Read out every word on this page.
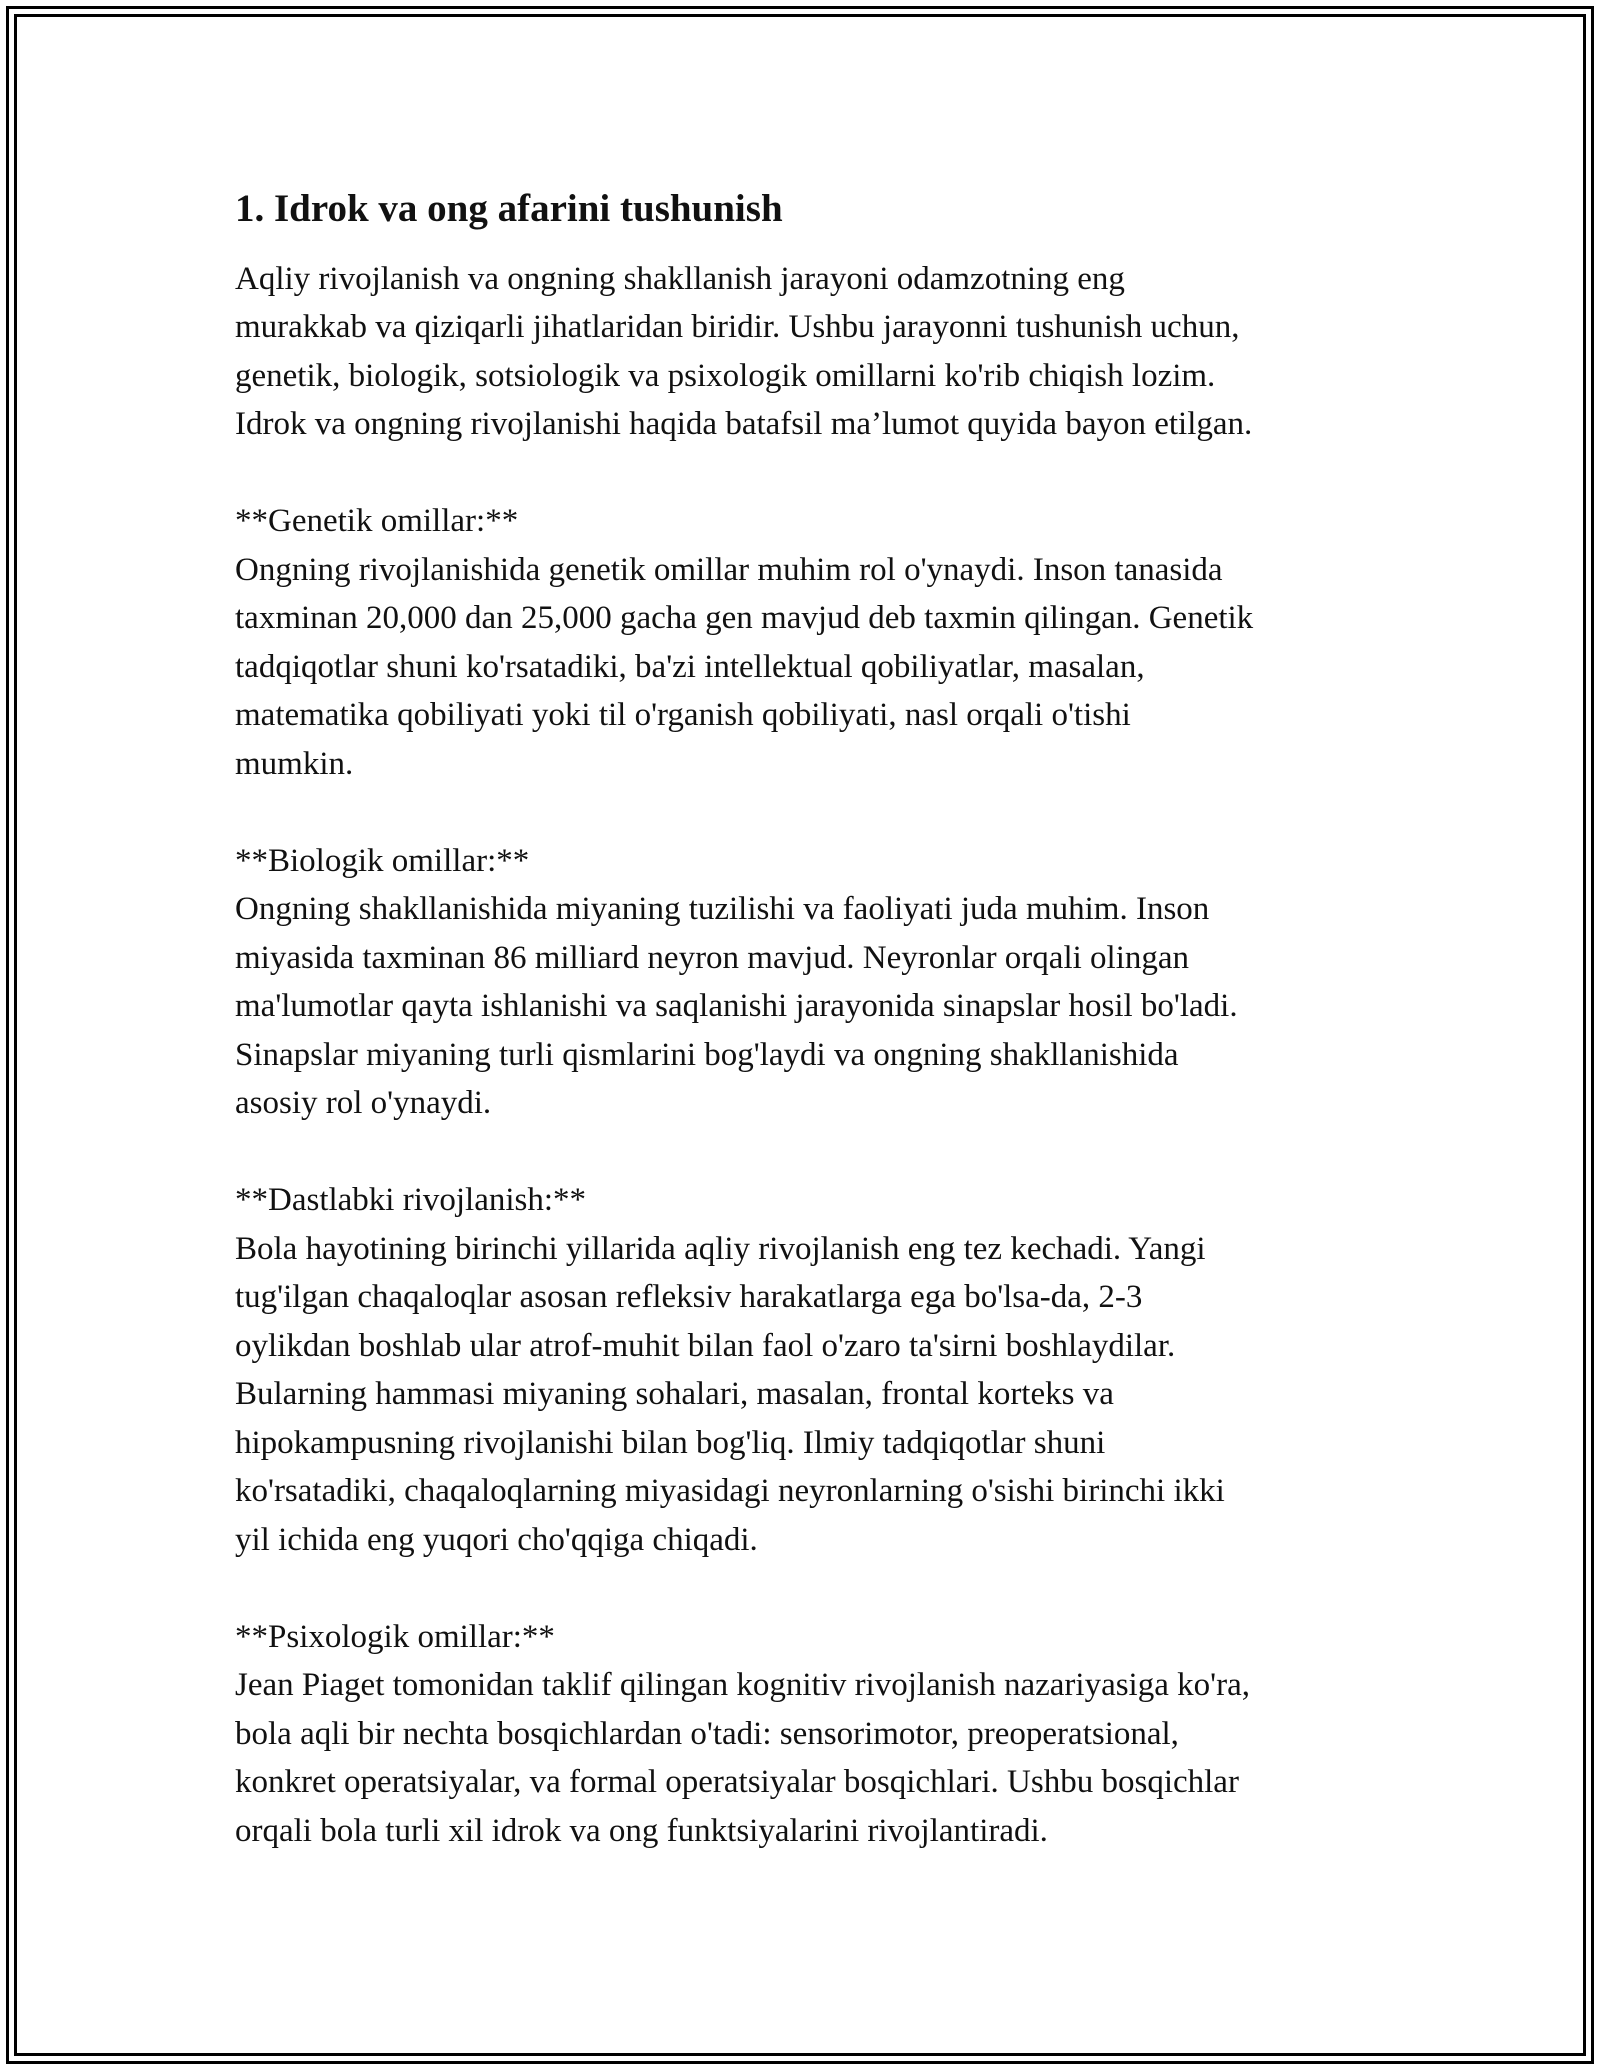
1. Idrok va ong afarini tushunish

Aqliy rivojlanish va ongning shakllanish jarayoni odamzotning eng
murakkab va qiziqarli jihatlaridan biridir. Ushbu jarayonni tushunish uchun,
genetik, biologik, sotsiologik va psixologik omillarni ko'rib chiqish lozim.
Idrok va ongning rivojlanishi haqida batafsil ma’lumot quyida bayon etilgan.

**Genetik omillar:**

Ongning rivojlanishida genetik omillar muhim rol o'ynaydi. Inson tanasida
taxminan 20,000 dan 25,000 gacha gen mavjud deb taxmin qilingan. Genetik
tadqiqotlar shuni ko'rsatadiki, ba'zi intellektual qobiliyatlar, masalan,
matematika qobiliyati yoki til o'rganish qobiliyati, nasl orqali o'tishi
mumkin.

**Biologik omillar:**

Ongning shakllanishida miyaning tuzilishi va faoliyati juda muhim. Inson
miyasida taxminan 86 milliard neyron mavjud. Neyronlar orqali olingan
ma'lumotlar qayta ishlanishi va saqlanishi jarayonida sinapslar hosil bo'ladi.
Sinapslar miyaning turli qismlarini bog'laydi va ongning shakllanishida
asosiy rol o'ynaydi.

**Dastlabki rivojlanish:**

Bola hayotining birinchi yillarida aqliy rivojlanish eng tez kechadi. Yangi
tug'ilgan chaqaloqlar asosan refleksiv harakatlarga ega bo'lsa-da, 2-3
oylikdan boshlab ular atrof-muhit bilan faol o'zaro ta'sirni boshlaydilar.
Bularning hammasi miyaning sohalari, masalan, frontal korteks va
hipokampusning rivojlanishi bilan bog'liq. Ilmiy tadqiqotlar shuni
ko'rsatadiki, chaqaloqlarning miyasidagi neyronlarning o'sishi birinchi ikki
yil ichida eng yuqori cho'qqiga chiqadi.

**Psixologik omillar:**

Jean Piaget tomonidan taklif qilingan kognitiv rivojlanish nazariyasiga ko'ra,
bola aqli bir nechta bosqichlardan o'tadi: sensorimotor, preoperatsional,
konkret operatsiyalar, va formal operatsiyalar bosqichlari. Ushbu bosqichlar
orqali bola turli xil idrok va ong funktsiyalarini rivojlantiradi.
